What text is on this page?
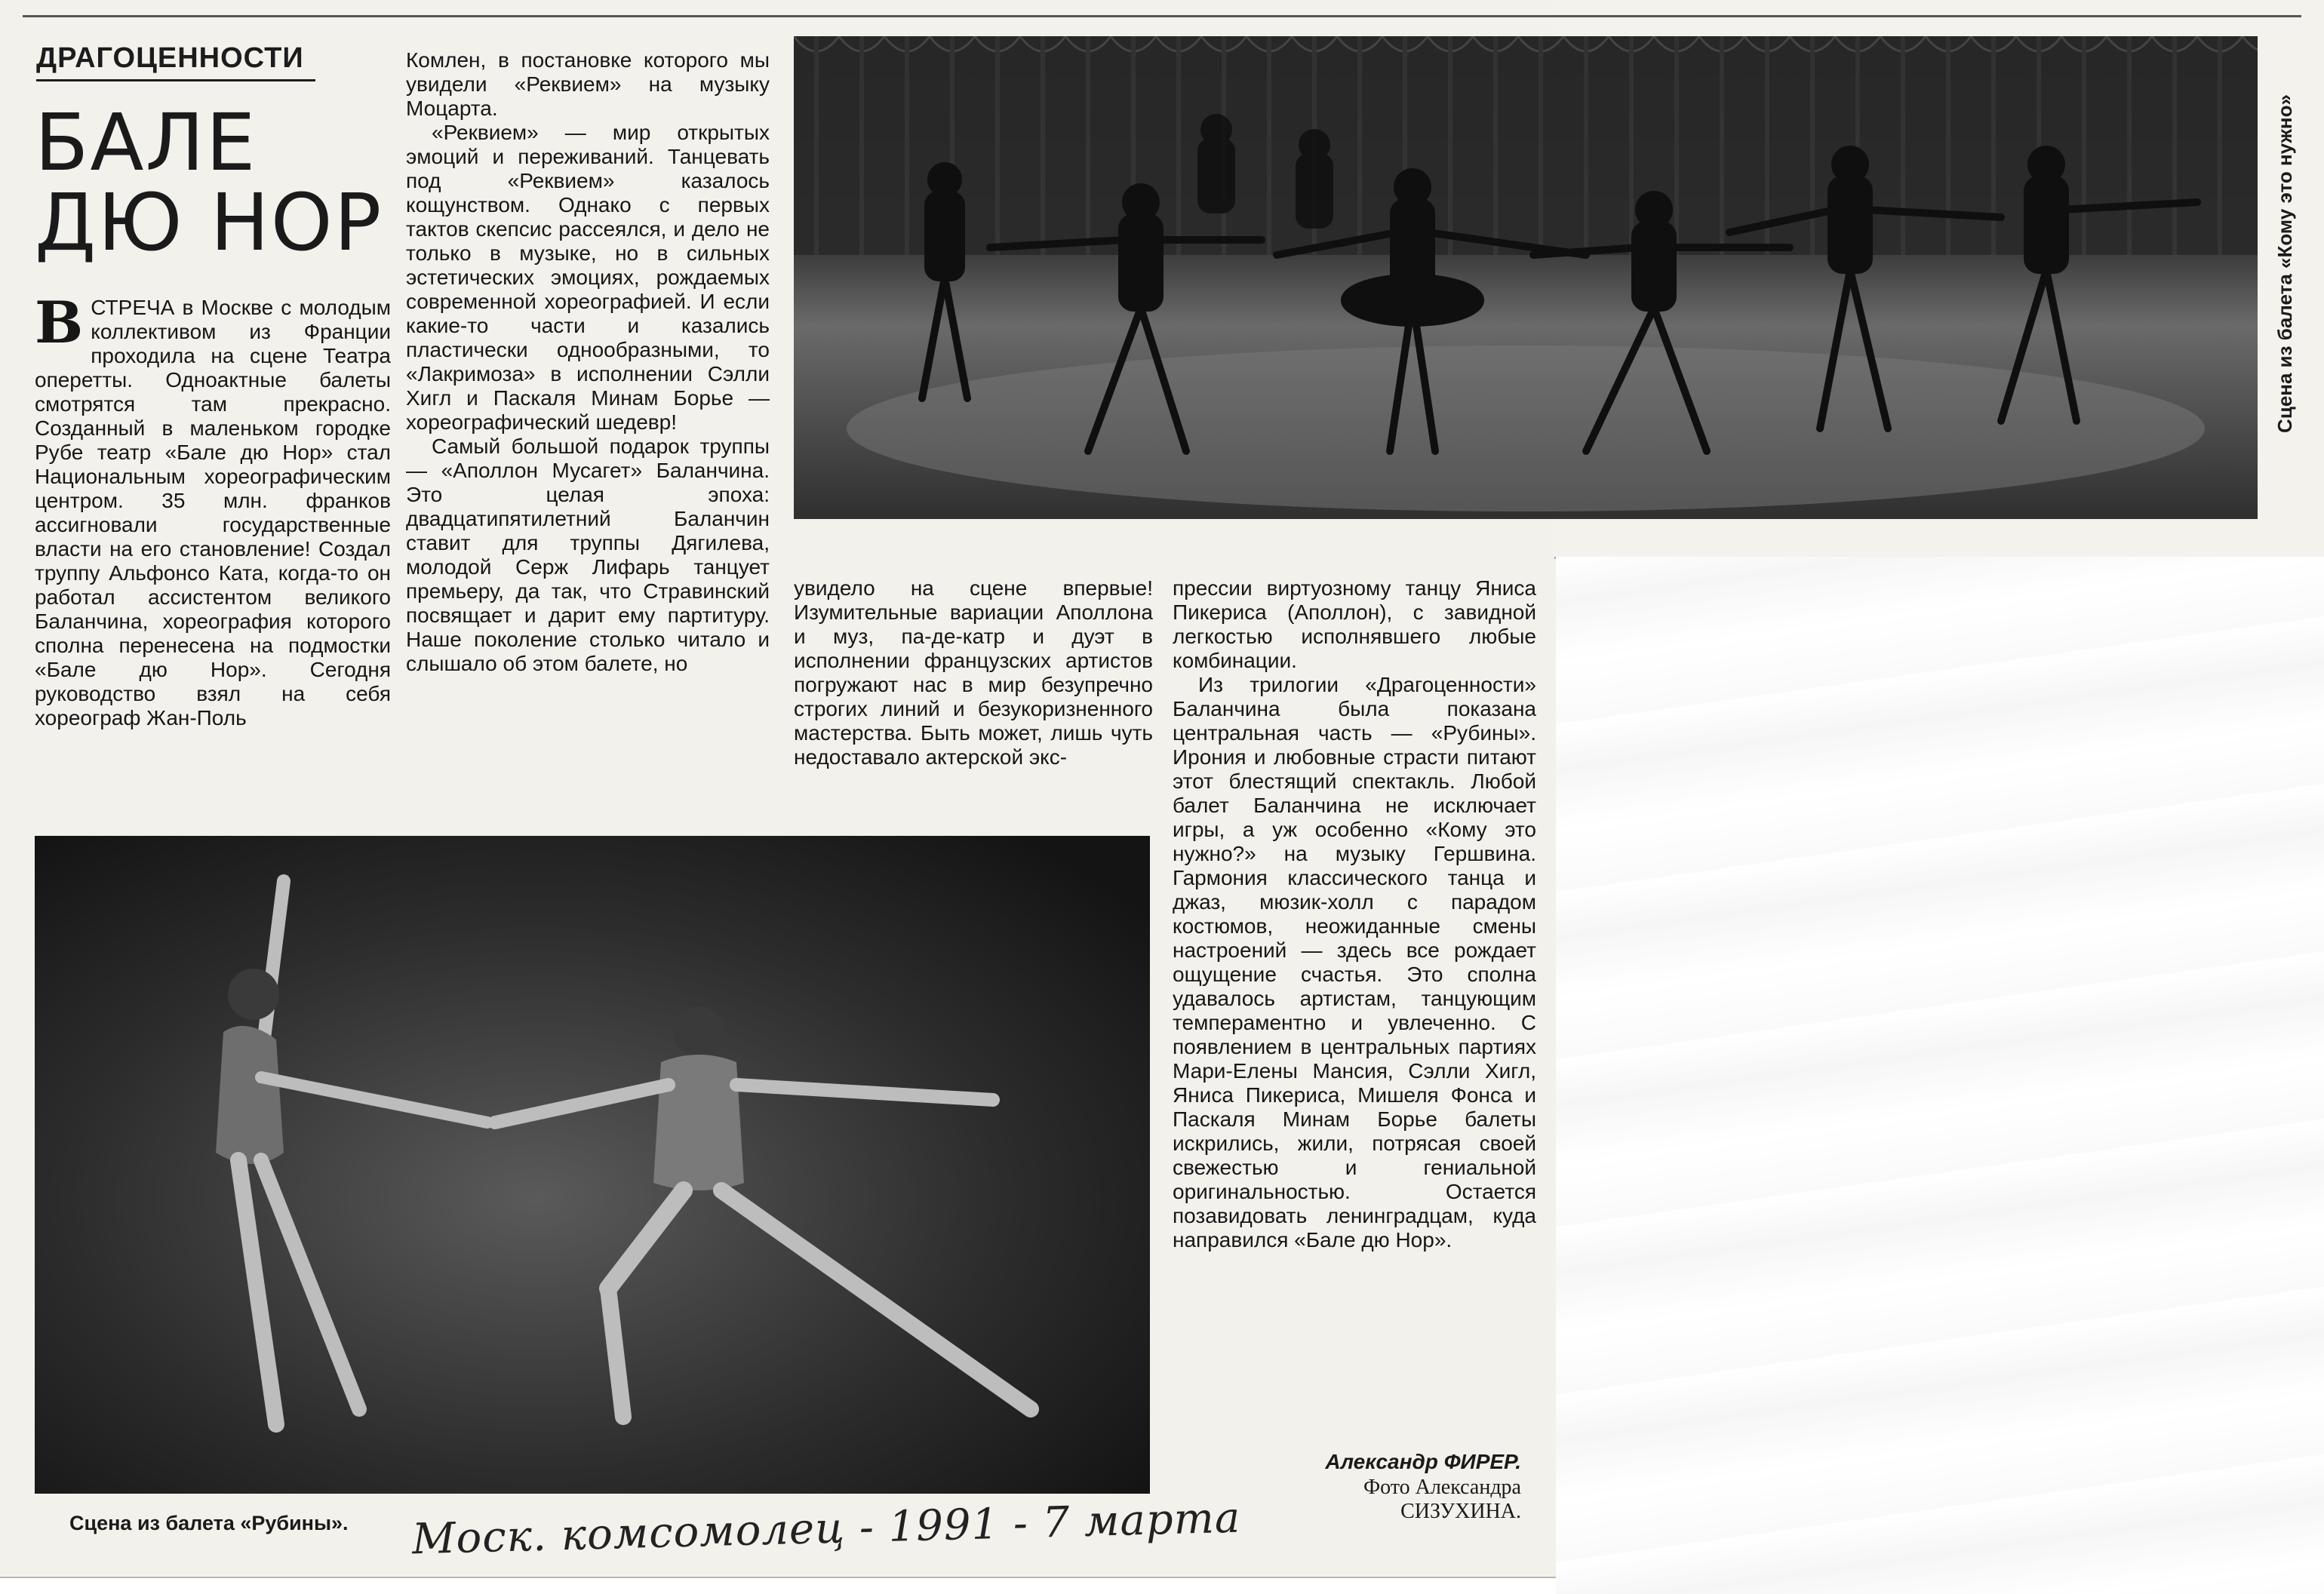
ДРАГОЦЕННОСТИ
БАЛЕ
ДЮ НОР

ВСТРЕЧА в Москве с молодым коллективом из Франции проходила на сцене Театра оперетты. Одноактные балеты смотрятся там прекрасно. Созданный в маленьком городке Рубе театр «Бале дю Нор» стал Национальным хореографическим центром. 35 млн. франков ассигновали государственные власти на его становление! Создал труппу Альфонсо Ката, когда-то он работал ассистентом великого Баланчина, хореография которого сполна перенесена на подмостки «Бале дю Нор». Сегодня руководство взял на себя хореограф Жан-Поль

Комлен, в постановке которого мы увидели «Реквием» на музыку Моцарта.

«Реквием» — мир открытых эмоций и переживаний. Танцевать под «Реквием» казалось кощунством. Однако с первых тактов скепсис рассеялся, и дело не только в музыке, но в сильных эстетических эмоциях, рождаемых современной хореографией. И если какие-то части и казались пластически однообразными, то «Лакримоза» в исполнении Сэлли Хигл и Паскаля Минам Борье — хореографический шедевр!

Самый большой подарок труппы — «Аполлон Мусагет» Баланчина. Это целая эпоха: двадцатипятилетний Баланчин ставит для труппы Дягилева, молодой Серж Лифарь танцует премьеру, да так, что Стравинский посвящает и дарит ему партитуру. Наше поколение столько читало и слышало об этом балете, но

увидело на сцене впервые! Изумительные вариации Аполлона и муз, па-де-катр и дуэт в исполнении французских артистов погружают нас в мир безупречно строгих линий и безукоризненного мастерства. Быть может, лишь чуть недоставало актерской экс-

прессии виртуозному танцу Яниса Пикериса (Аполлон), с завидной легкостью исполнявшего любые комбинации.

Из трилогии «Драгоценности» Баланчина была показана центральная часть — «Рубины». Ирония и любовные страсти питают этот блестящий спектакль. Любой балет Баланчина не исключает игры, а уж особенно «Кому это нужно?» на музыку Гершвина. Гармония классического танца и джаз, мюзик-холл с парадом костюмов, неожиданные смены настроений — здесь все рождает ощущение счастья. Это сполна удавалось артистам, танцующим темпераментно и увлеченно. С появлением в центральных партиях Мари-Елены Мансия, Сэлли Хигл, Яниса Пикериса, Мишеля Фонса и Паскаля Минам Борье балеты искрились, жили, потрясая своей свежестью и гениальной оригинальностью. Остается позавидовать ленинградцам, куда направился «Бале дю Нор».

Сцена из балета «Кому это нужно»
Сцена из балета «Рубины». Моск. комсомолец - 1991 - 7 марта
Александр ФИРЕР.
Фото Александра
СИЗУХИНА.
